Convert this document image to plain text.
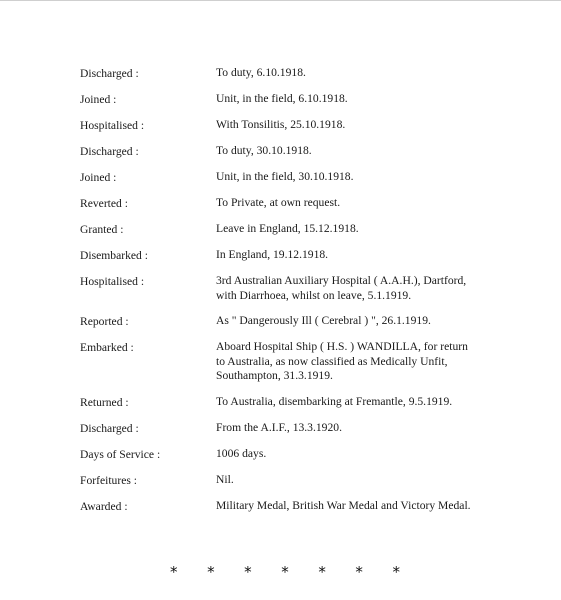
Discharged :	To duty, 6.10.1918.
Joined :	Unit, in the field, 6.10.1918.
Hospitalised :	With Tonsilitis, 25.10.1918.
Discharged :	To duty, 30.10.1918.
Joined :	Unit, in the field, 30.10.1918.
Reverted :	To Private, at own request.
Granted :	Leave in England, 15.12.1918.
Disembarked :	In England, 19.12.1918.
Hospitalised :	3rd Australian Auxiliary Hospital ( A.A.H.), Dartford,
with Diarrhoea, whilst on leave, 5.1.1919.
Reported :	As " Dangerously Ill ( Cerebral ) ", 26.1.1919.
Embarked :	Aboard Hospital Ship ( H.S. ) WANDILLA, for return
to Australia, as now classified as Medically Unfit,
Southampton, 31.3.1919.
Returned :	To Australia, disembarking at Fremantle, 9.5.1919.
Discharged :	From the A.I.F., 13.3.1920.
Days of Service :	1006 days.
Forfeitures :	Nil.
Awarded :	Military Medal, British War Medal and Victory Medal.
* * * * * * *
